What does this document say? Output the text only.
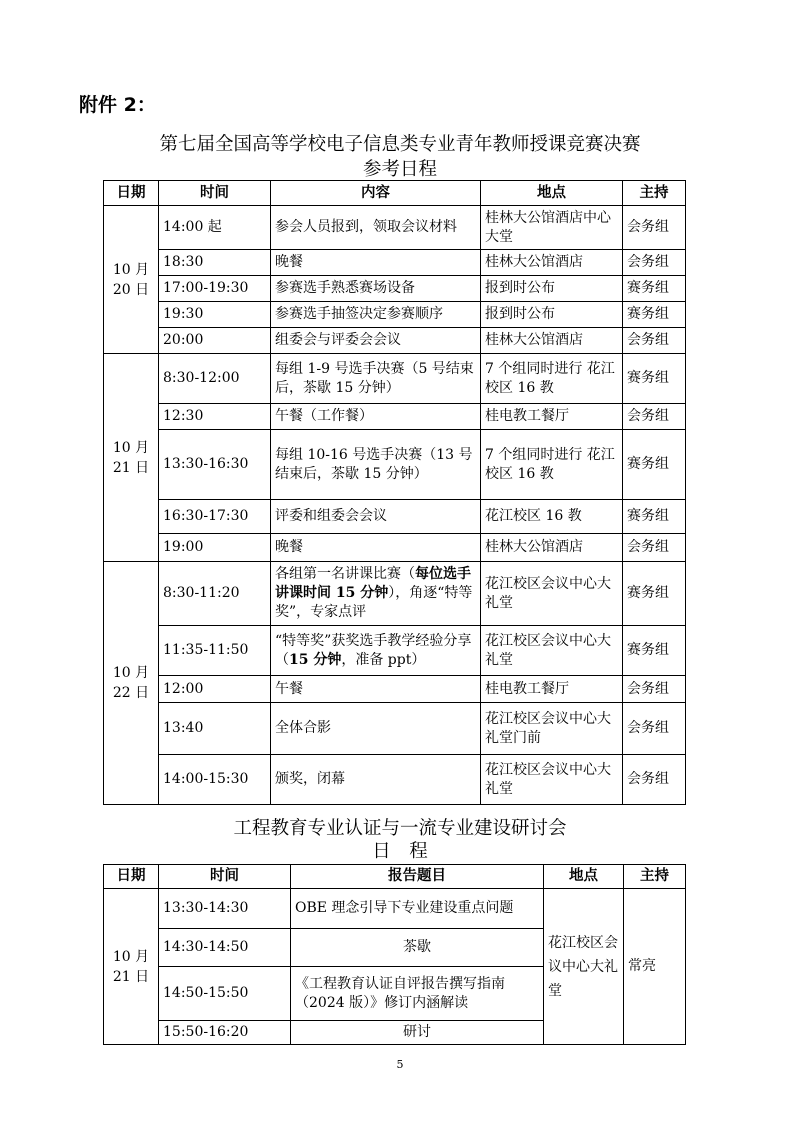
附件 2：
第七届全国高等学校电子信息类专业青年教师授课竞赛决赛
参考日程
日期	时间	内容	地点	主持
10 月
20 日	14:00 起	参会人员报到，领取会议材料	桂林大公馆酒店中心大堂	会务组
	18:30	晚餐	桂林大公馆酒店	会务组
	17:00-19:30	参赛选手熟悉赛场设备	报到时公布	赛务组
	19:30	参赛选手抽签决定参赛顺序	报到时公布	赛务组
	20:00	组委会与评委会会议	桂林大公馆酒店	会务组
10 月
21 日	8:30-12:00	每组 1-9 号选手决赛（5 号结束后，茶歇 15 分钟）	7 个组同时进行 花江校区 16 教	赛务组
	12:30	午餐（工作餐）	桂电教工餐厅	会务组
	13:30-16:30	每组 10-16 号选手决赛（13 号结束后，茶歇 15 分钟）	7 个组同时进行 花江校区 16 教	赛务组
	16:30-17:30	评委和组委会会议	花江校区 16 教	赛务组
	19:00	晚餐	桂林大公馆酒店	会务组
10 月
22 日	8:30-11:20	各组第一名讲课比赛（每位选手讲课时间 15 分钟），角逐“特等奖”，专家点评	花江校区会议中心大礼堂	赛务组
	11:35-11:50	“特等奖”获奖选手教学经验分享（15 分钟，准备 ppt）	花江校区会议中心大礼堂	赛务组
	12:00	午餐	桂电教工餐厅	会务组
	13:40	全体合影	花江校区会议中心大礼堂门前	会务组
	14:00-15:30	颁奖，闭幕	花江校区会议中心大礼堂	会务组
工程教育专业认证与一流专业建设研讨会
日　程
日期	时间	报告题目	地点	主持
10 月
21 日	13:30-14:30	OBE 理念引导下专业建设重点问题	花江校区会议中心大礼堂	常亮
	14:30-14:50	茶歇		
	14:50-15:50	《工程教育认证自评报告撰写指南（2024 版）》修订内涵解读		
	15:50-16:20	研讨		
5
